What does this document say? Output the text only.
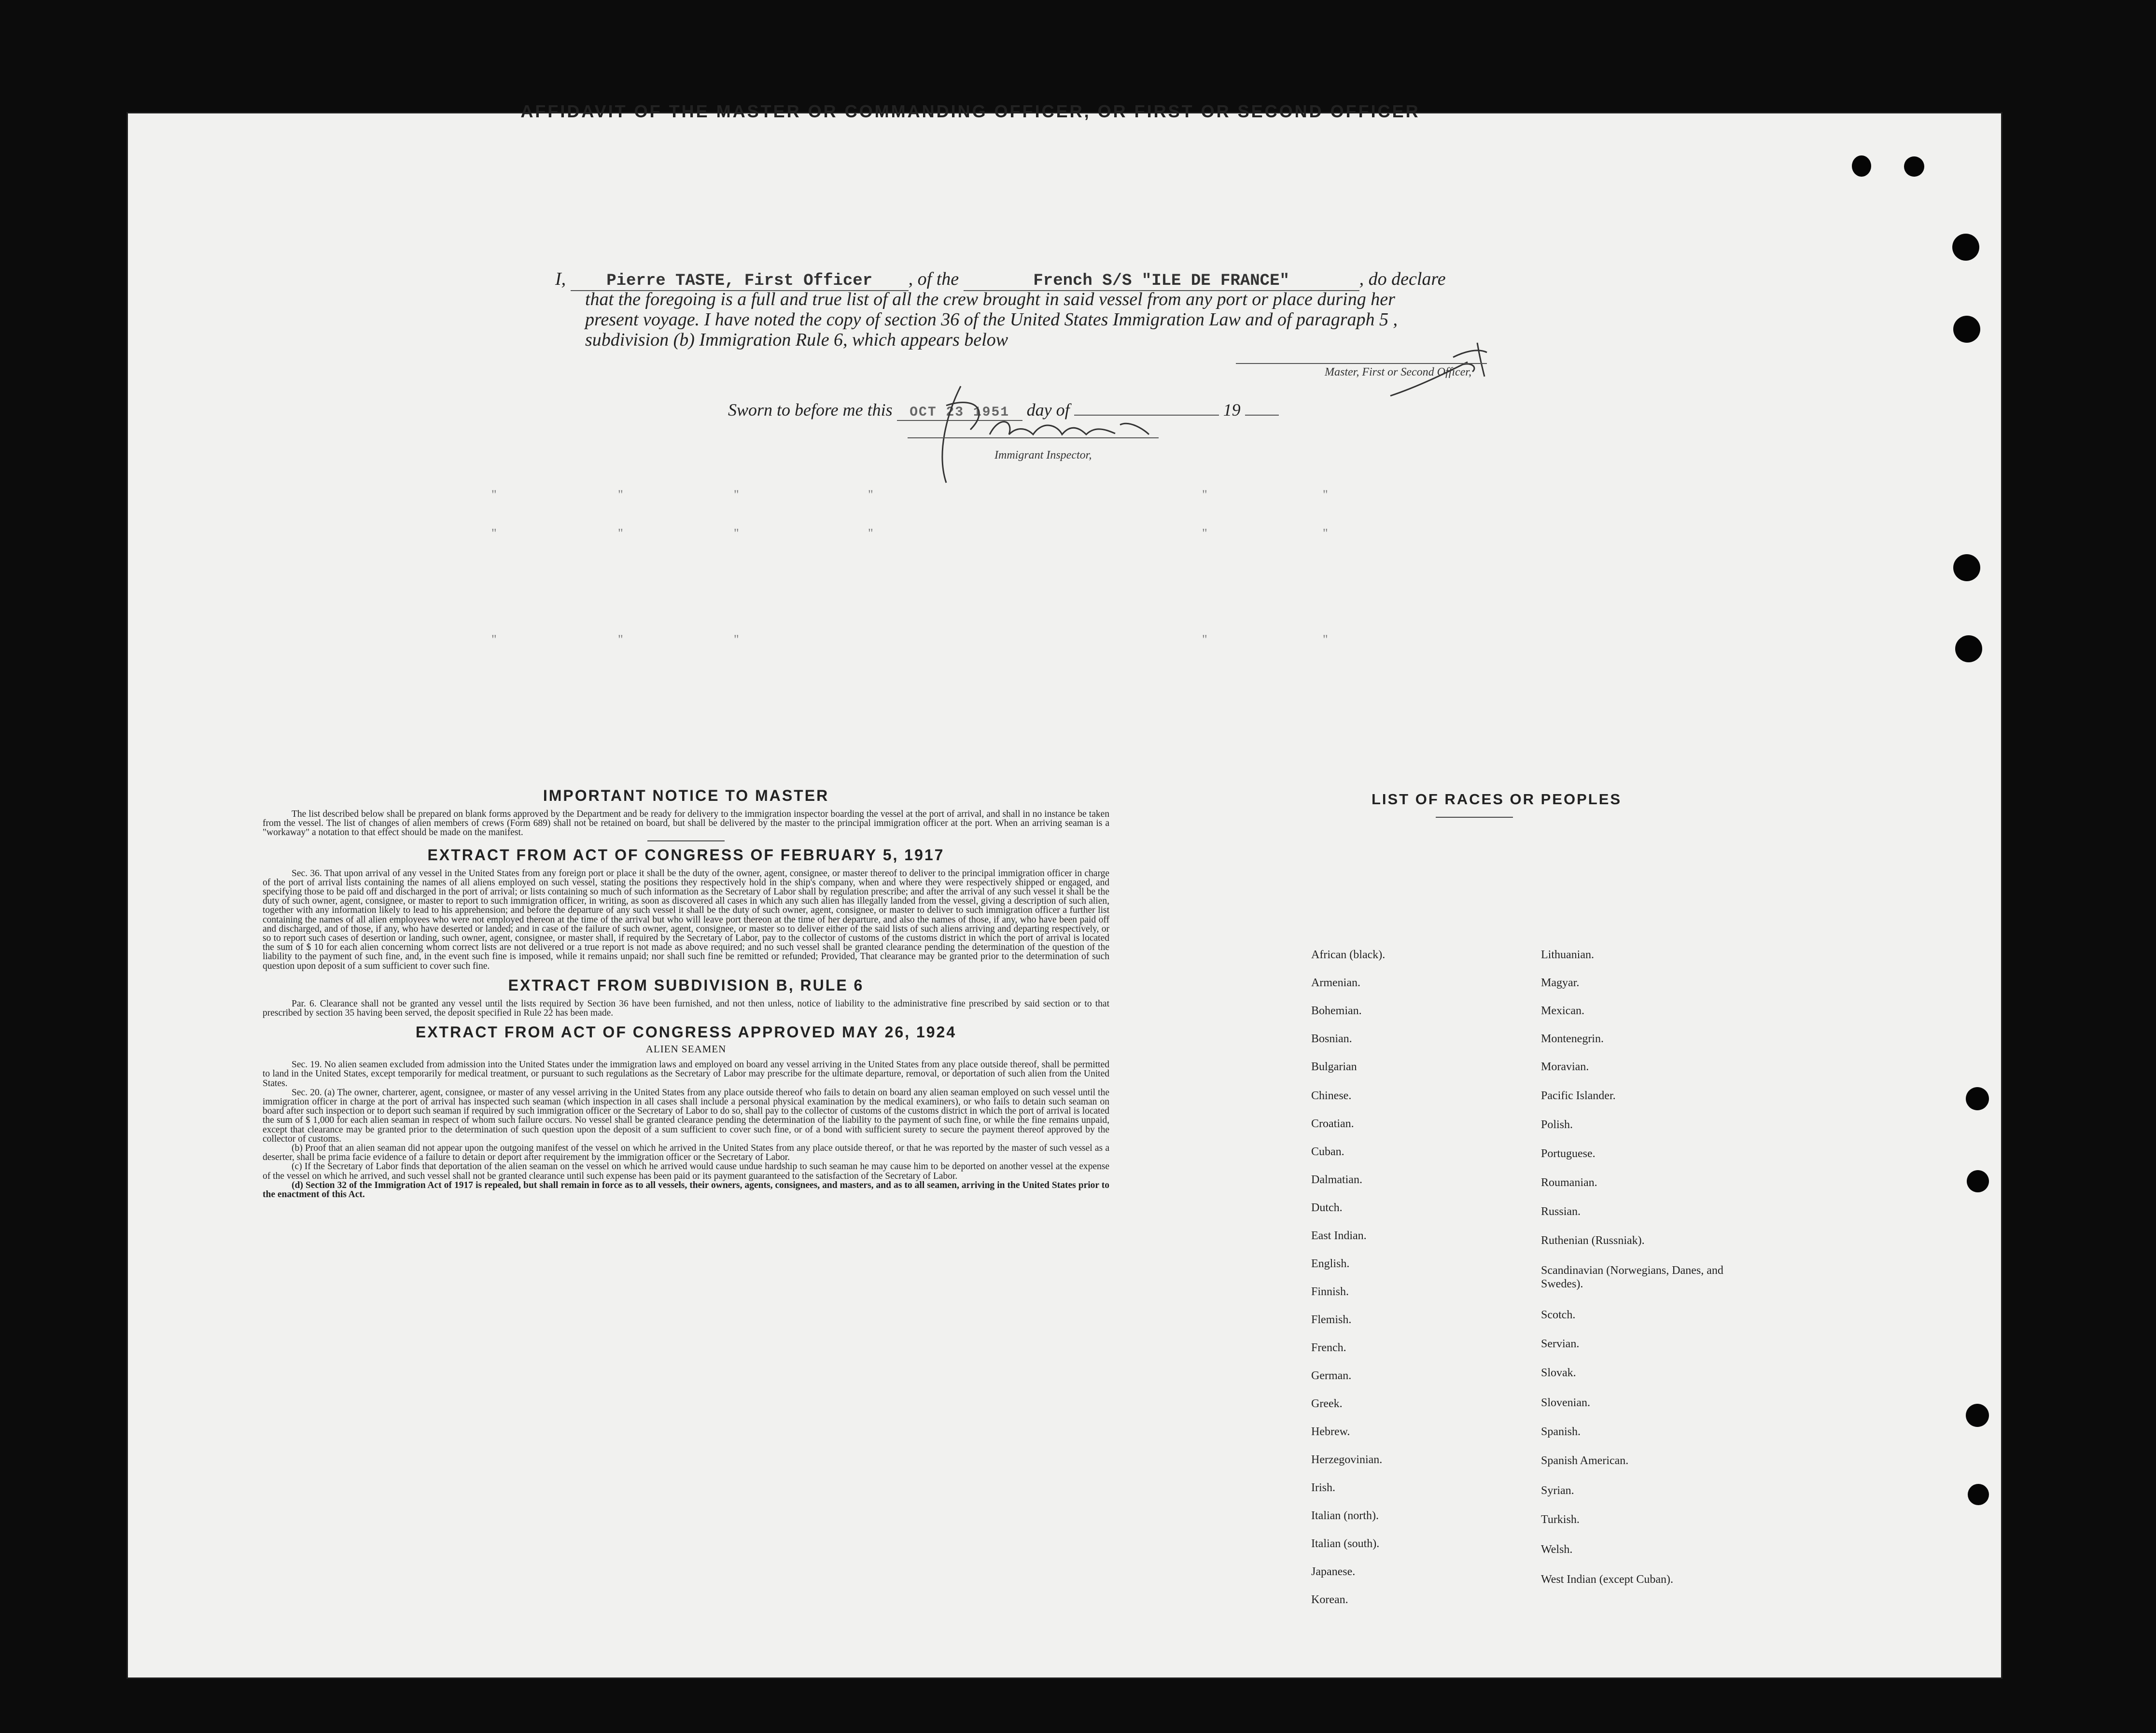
AFFIDAVIT OF THE MASTER OR COMMANDING OFFICER, OR FIRST OR SECOND OFFICER
I, Pierre TASTE, First Officer , of the	French S/S "ILE DE FRANCE"	, do declare
that the foregoing is a full and true list of all the crew brought in said vessel from any port or place during her
present voyage. I have noted the copy of section 36 of the United States Immigration Law and of paragraph 5 ,
subdivision (b) Immigration Rule 6, which appears below
Master, First or Second Officer,
Sworn to before me this OCT 23 1951 day of	19
Immigrant Inspector,
"	"	"	"	"	"
"	"	"	"	"	"
"	"	"	"	"
IMPORTANT NOTICE TO MASTER

The list described below shall be prepared on blank forms approved by the Department and be ready for delivery to the immigration inspector boarding the vessel at the port of arrival, and shall in no instance be taken from the vessel. The list of changes of alien members of crews (Form 689) shall not be retained on board, but shall be delivered by the master to the principal immigration officer at the port. When an arriving seaman is a "workaway" a notation to that effect should be made on the manifest.

EXTRACT FROM ACT OF CONGRESS OF FEBRUARY 5, 1917

Sec. 36. That upon arrival of any vessel in the United States from any foreign port or place it shall be the duty of the owner, agent, consignee, or master thereof to deliver to the principal immigration officer in charge of the port of arrival lists containing the names of all aliens employed on such vessel, stating the positions they respectively hold in the ship's company, when and where they were respectively shipped or engaged, and specifying those to be paid off and discharged in the port of arrival; or lists containing so much of such information as the Secretary of Labor shall by regulation prescribe; and after the arrival of any such vessel it shall be the duty of such owner, agent, consignee, or master to report to such immigration officer, in writing, as soon as discovered all cases in which any such alien has illegally landed from the vessel, giving a description of such alien, together with any information likely to lead to his apprehension; and before the departure of any such vessel it shall be the duty of such owner, agent, consignee, or master to deliver to such immigration officer a further list containing the names of all alien employees who were not employed thereon at the time of the arrival but who will leave port thereon at the time of her departure, and also the names of those, if any, who have been paid off and discharged, and of those, if any, who have deserted or landed; and in case of the failure of such owner, agent, consignee, or master so to deliver either of the said lists of such aliens arriving and departing respectively, or so to report such cases of desertion or landing, such owner, agent, consignee, or master shall, if required by the Secretary of Labor, pay to the collector of customs of the customs district in which the port of arrival is located the sum of $ 10 for each alien concerning whom correct lists are not delivered or a true report is not made as above required; and no such vessel shall be granted clearance pending the determination of the question of the liability to the payment of such fine, and, in the event such fine is imposed, while it remains unpaid; nor shall such fine be remitted or refunded; Provided, That clearance may be granted prior to the determination of such question upon deposit of a sum sufficient to cover such fine.

EXTRACT FROM SUBDIVISION B, RULE 6

Par. 6. Clearance shall not be granted any vessel until the lists required by Section 36 have been furnished, and not then unless, notice of liability to the administrative fine prescribed by said section or to that prescribed by section 35 having been served, the deposit specified in Rule 22 has been made.

EXTRACT FROM ACT OF CONGRESS APPROVED MAY 26, 1924
ALIEN SEAMEN

Sec. 19. No alien seamen excluded from admission into the United States under the immigration laws and employed on board any vessel arriving in the United States from any place outside thereof, shall be permitted to land in the United States, except temporarily for medical treatment, or pursuant to such regulations as the Secretary of Labor may prescribe for the ultimate departure, removal, or deportation of such alien from the United States.

Sec. 20. (a) The owner, charterer, agent, consignee, or master of any vessel arriving in the United States from any place outside thereof who fails to detain on board any alien seaman employed on such vessel until the immigration officer in charge at the port of arrival has inspected such seaman (which inspection in all cases shall include a personal physical examination by the medical examiners), or who fails to detain such seaman on board after such inspection or to deport such seaman if required by such immigration officer or the Secretary of Labor to do so, shall pay to the collector of customs of the customs district in which the port of arrival is located the sum of $ 1,000 for each alien seaman in respect of whom such failure occurs. No vessel shall be granted clearance pending the determination of the liability to the payment of such fine, or while the fine remains unpaid, except that clearance may be granted prior to the determination of such question upon the deposit of a sum sufficient to cover such fine, or of a bond with sufficient surety to secure the payment thereof approved by the collector of customs.

(b) Proof that an alien seaman did not appear upon the outgoing manifest of the vessel on which he arrived in the United States from any place outside thereof, or that he was reported by the master of such vessel as a deserter, shall be prima facie evidence of a failure to detain or deport after requirement by the immigration officer or the Secretary of Labor.

(c) If the Secretary of Labor finds that deportation of the alien seaman on the vessel on which he arrived would cause undue hardship to such seaman he may cause him to be deported on another vessel at the expense of the vessel on which he arrived, and such vessel shall not be granted clearance until such expense has been paid or its payment guaranteed to the satisfaction of the Secretary of Labor.

(d) Section 32 of the Immigration Act of 1917 is repealed, but shall remain in force as to all vessels, their owners, agents, consignees, and masters, and as to all seamen, arriving in the United States prior to the enactment of this Act.

LIST OF RACES OR PEOPLES
African (black).
Armenian.
Bohemian.
Bosnian.
Bulgarian
Chinese.
Croatian.
Cuban.
Dalmatian.
Dutch.
East Indian.
English.
Finnish.
Flemish.
French.
German.
Greek.
Hebrew.
Herzegovinian.
Irish.
Italian (north).
Italian (south).
Japanese.
Korean.
Lithuanian.
Magyar.
Mexican.
Montenegrin.
Moravian.
Pacific Islander.
Polish.
Portuguese.
Roumanian.
Russian.
Ruthenian (Russniak).
Scandinavian (Norwegians, Danes, and Swedes).
Scotch.
Servian.
Slovak.
Slovenian.
Spanish.
Spanish American.
Syrian.
Turkish.
Welsh.
West Indian (except Cuban).
